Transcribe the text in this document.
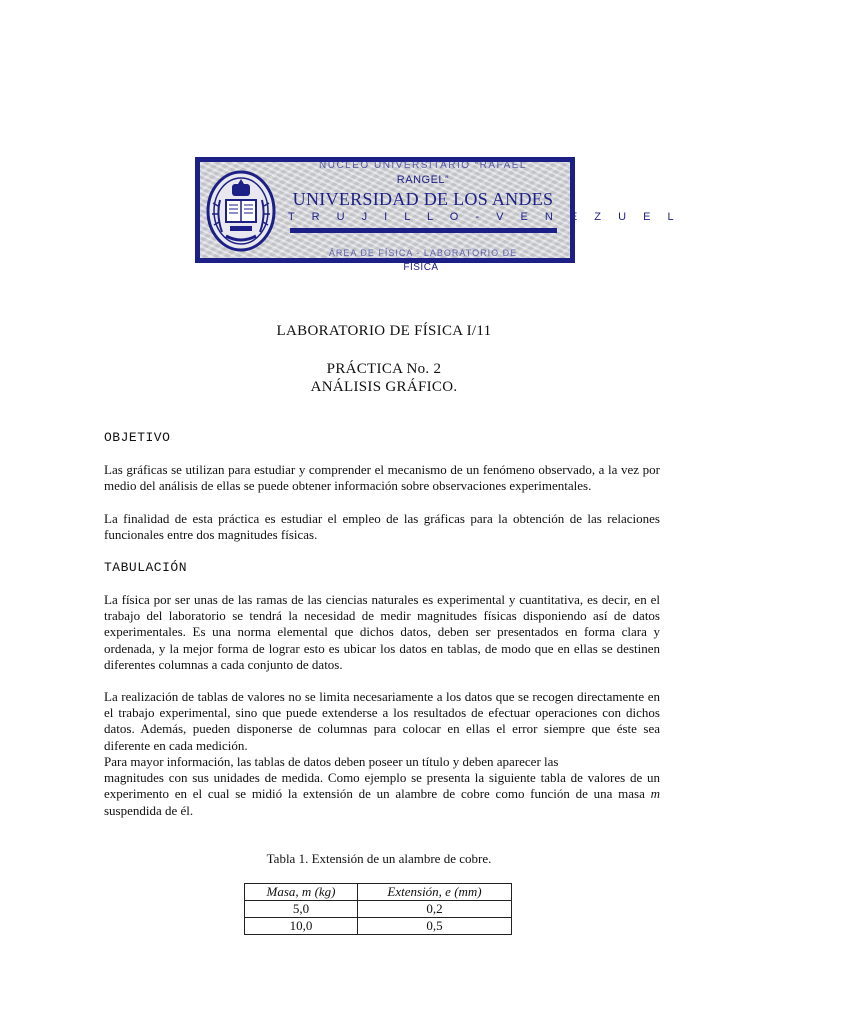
NÚCLEO UNIVERSITARIO “RAFAEL
RANGEL”
UNIVERSIDAD DE LOS ANDES
T R U J I L L O - V E N E Z U E L
ÁREA DE FÍSICA - LABORATORIO DE
FÍSICA
LABORATORIO DE FÍSICA I/11
PRÁCTICA No. 2
ANÁLISIS GRÁFICO.
OBJETIVO

Las gráficas se utilizan para estudiar y comprender el mecanismo de un fenómeno observado, a la vez por medio del análisis de ellas se puede obtener información sobre observaciones experimentales.

La finalidad de esta práctica es estudiar el empleo de las gráficas para la obtención de las relaciones funcionales entre dos magnitudes físicas.

TABULACIÓN

La física por ser unas de las ramas de las ciencias naturales es experimental y cuantitativa, es decir, en el trabajo del laboratorio se tendrá la necesidad de medir magnitudes físicas disponiendo así de datos experimentales. Es una norma elemental que dichos datos, deben ser presentados en forma clara y ordenada, y la mejor forma de lograr esto es ubicar los datos en tablas, de modo que en ellas se destinen diferentes columnas a cada conjunto de datos.

La realización de tablas de valores no se limita necesariamente a los datos que se recogen directamente en el trabajo experimental, sino que puede extenderse a los resultados de efectuar operaciones con dichos datos. Además, pueden disponerse de columnas para colocar en ellas el error siempre que éste sea diferente en cada medición.

Para mayor información, las tablas de datos deben poseer un título y deben aparecer las
magnitudes con sus unidades de medida. Como ejemplo se presenta la siguiente tabla de valores de un experimento en el cual se midió la extensión de un alambre de cobre como función de una masa m suspendida de él.

Tabla 1. Extensión de un alambre de cobre.
Masa, m (kg)	Extensión, e (mm)
5,0	0,2
10,0	0,5
